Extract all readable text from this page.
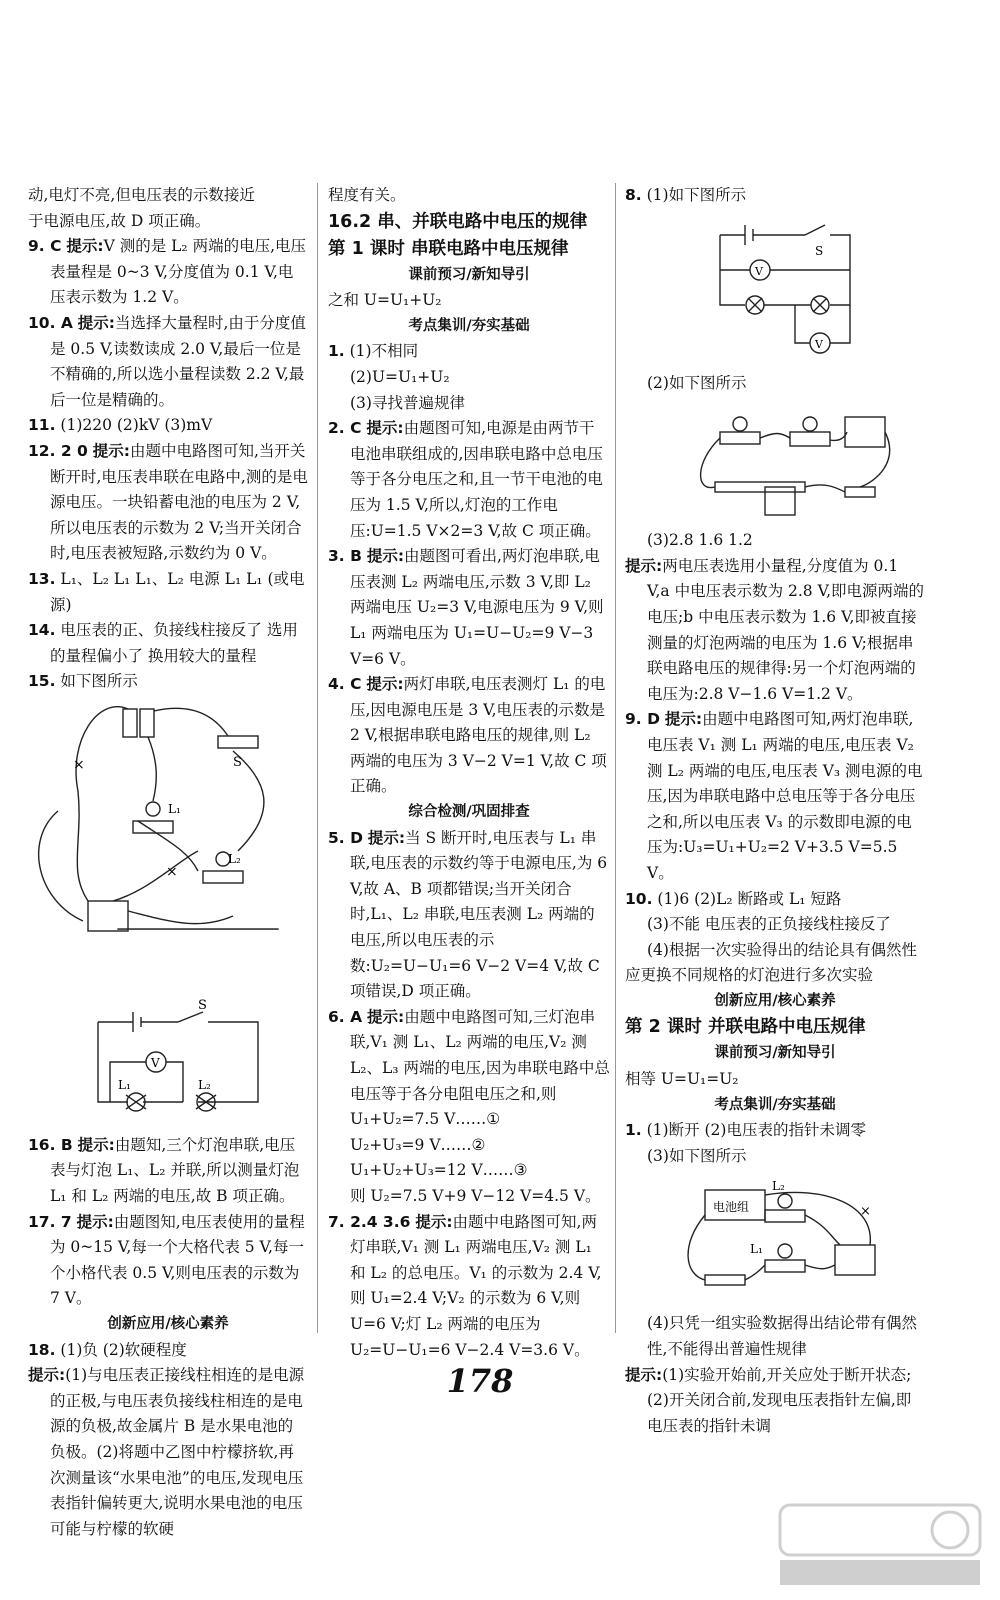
动,电灯不亮,但电压表的示数接近
于电源电压,故 D 项正确。
9. C 提示:V 测的是 L₂ 两端的电压,电压表量程是 0~3 V,分度值为 0.1 V,电压表示数为 1.2 V。
10. A 提示:当选择大量程时,由于分度值是 0.5 V,读数读成 2.0 V,最后一位是不精确的,所以选小量程读数 2.2 V,最后一位是精确的。
11. (1)220 (2)kV (3)mV
12. 2 0 提示:由题中电路图可知,当开关断开时,电压表串联在电路中,测的是电源电压。一块铅蓄电池的电压为 2 V,所以电压表的示数为 2 V;当开关闭合时,电压表被短路,示数约为 0 V。
13. L₁、L₂ L₁ L₁、L₂ 电源 L₁ L₁ (或电源)
14. 电压表的正、负接线柱接反了 选用的量程偏小了 换用较大的量程
15. 如下图所示
×
×
S
L₁
L₂
S
V
L₁	L₂
16. B 提示:由题知,三个灯泡串联,电压表与灯泡 L₁、L₂ 并联,所以测量灯泡 L₁ 和 L₂ 两端的电压,故 B 项正确。
17. 7 提示:由题图知,电压表使用的量程为 0~15 V,每一个大格代表 5 V,每一个小格代表 0.5 V,则电压表的示数为 7 V。
创新应用/核心素养
18. (1)负 (2)软硬程度
提示:(1)与电压表正接线柱相连的是电源的正极,与电压表负接线柱相连的是电源的负极,故金属片 B 是水果电池的负极。(2)将题中乙图中柠檬挤软,再次测量该“水果电池”的电压,发现电压表指针偏转更大,说明水果电池的电压可能与柠檬的软硬
程度有关。
16.2 串、并联电路中电压的规律
第 1 课时 串联电路中电压规律
课前预习/新知导引
之和 U=U₁+U₂
考点集训/夯实基础
1. (1)不相同
(2)U=U₁+U₂
(3)寻找普遍规律
2. C 提示:由题图可知,电源是由两节干电池串联组成的,因串联电路中总电压等于各分电压之和,且一节干电池的电压为 1.5 V,所以,灯泡的工作电压:U=1.5 V×2=3 V,故 C 项正确。
3. B 提示:由题图可看出,两灯泡串联,电压表测 L₂ 两端电压,示数 3 V,即 L₂ 两端电压 U₂=3 V,电源电压为 9 V,则 L₁ 两端电压为 U₁=U−U₂=9 V−3 V=6 V。
4. C 提示:两灯串联,电压表测灯 L₁ 的电压,因电源电压是 3 V,电压表的示数是 2 V,根据串联电路电压的规律,则 L₂ 两端的电压为 3 V−2 V=1 V,故 C 项正确。
综合检测/巩固排查
5. D 提示:当 S 断开时,电压表与 L₁ 串联,电压表的示数约等于电源电压,为 6 V,故 A、B 项都错误;当开关闭合时,L₁、L₂ 串联,电压表测 L₂ 两端的电压,所以电压表的示数:U₂=U−U₁=6 V−2 V=4 V,故 C 项错误,D 项正确。
6. A 提示:由题中电路图可知,三灯泡串联,V₁ 测 L₁、L₂ 两端的电压,V₂ 测 L₂、L₃ 两端的电压,因为串联电路中总电压等于各分电阻电压之和,则
U₁+U₂=7.5 V……①
U₂+U₃=9 V……②
U₁+U₂+U₃=12 V……③
则 U₂=7.5 V+9 V−12 V=4.5 V。
7. 2.4 3.6 提示:由题中电路图可知,两灯串联,V₁ 测 L₁ 两端电压,V₂ 测 L₁ 和 L₂ 的总电压。V₁ 的示数为 2.4 V,则 U₁=2.4 V;V₂ 的示数为 6 V,则 U=6 V;灯 L₂ 两端的电压为 U₂=U−U₁=6 V−2.4 V=3.6 V。
8. (1)如下图所示
S
V
V
(2)如下图所示
(3)2.8 1.6 1.2
提示:两电压表选用小量程,分度值为 0.1 V,a 中电压表示数为 2.8 V,即电源两端的电压;b 中电压表示数为 1.6 V,即被直接测量的灯泡两端的电压为 1.6 V;根据串联电路电压的规律得:另一个灯泡两端的电压为:2.8 V−1.6 V=1.2 V。
9. D 提示:由题中电路图可知,两灯泡串联,电压表 V₁ 测 L₁ 两端的电压,电压表 V₂ 测 L₂ 两端的电压,电压表 V₃ 测电源的电压,因为串联电路中总电压等于各分电压之和,所以电压表 V₃ 的示数即电源的电压为:U₃=U₁+U₂=2 V+3.5 V=5.5 V。
10. (1)6 (2)L₂ 断路或 L₁ 短路
(3)不能 电压表的正负接线柱接反了
(4)根据一次实验得出的结论具有偶然性
应更换不同规格的灯泡进行多次实验
创新应用/核心素养
第 2 课时 并联电路中电压规律
课前预习/新知导引
相等 U=U₁=U₂
考点集训/夯实基础
1. (1)断开 (2)电压表的指针未调零
(3)如下图所示
电池组
L₂
L₁
×
(4)只凭一组实验数据得出结论带有偶然性,不能得出普遍性规律
提示:(1)实验开始前,开关应处于断开状态;(2)开关闭合前,发现电压表指针左偏,即电压表的指针未调
178
